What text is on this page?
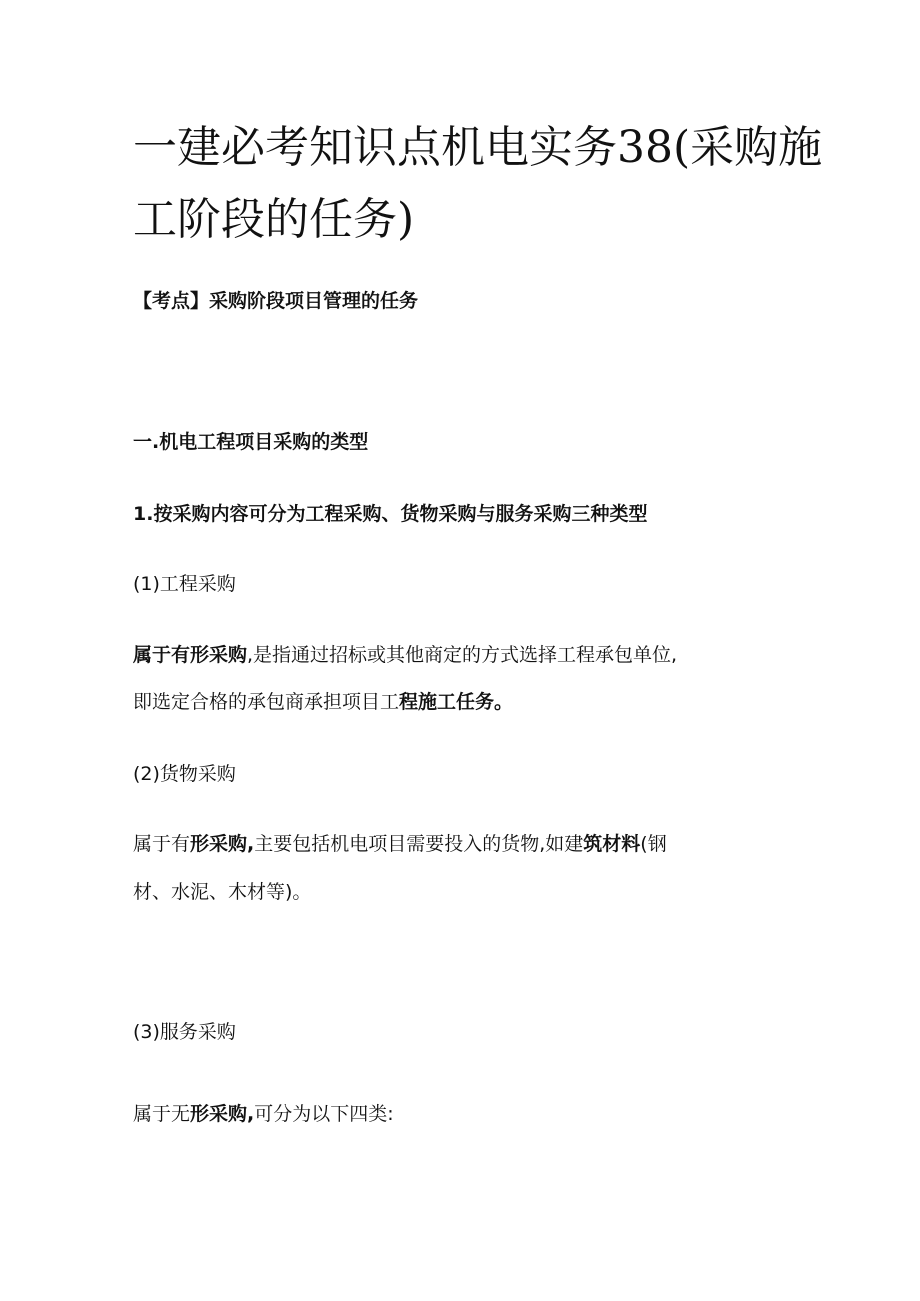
一建必考知识点机电实务38(采购施工阶段的任务)

【考点】采购阶段项目管理的任务

一.机电工程项目采购的类型

1.按采购内容可分为工程采购、货物采购与服务采购三种类型

(1)工程采购

属于有形采购,是指通过招标或其他商定的方式选择工程承包单位,

即选定合格的承包商承担项目工程施工任务。

(2)货物采购

属于有形采购,主要包括机电项目需要投入的货物,如建筑材料(钢

材、水泥、木材等)。

(3)服务采购

属于无形采购,可分为以下四类:
